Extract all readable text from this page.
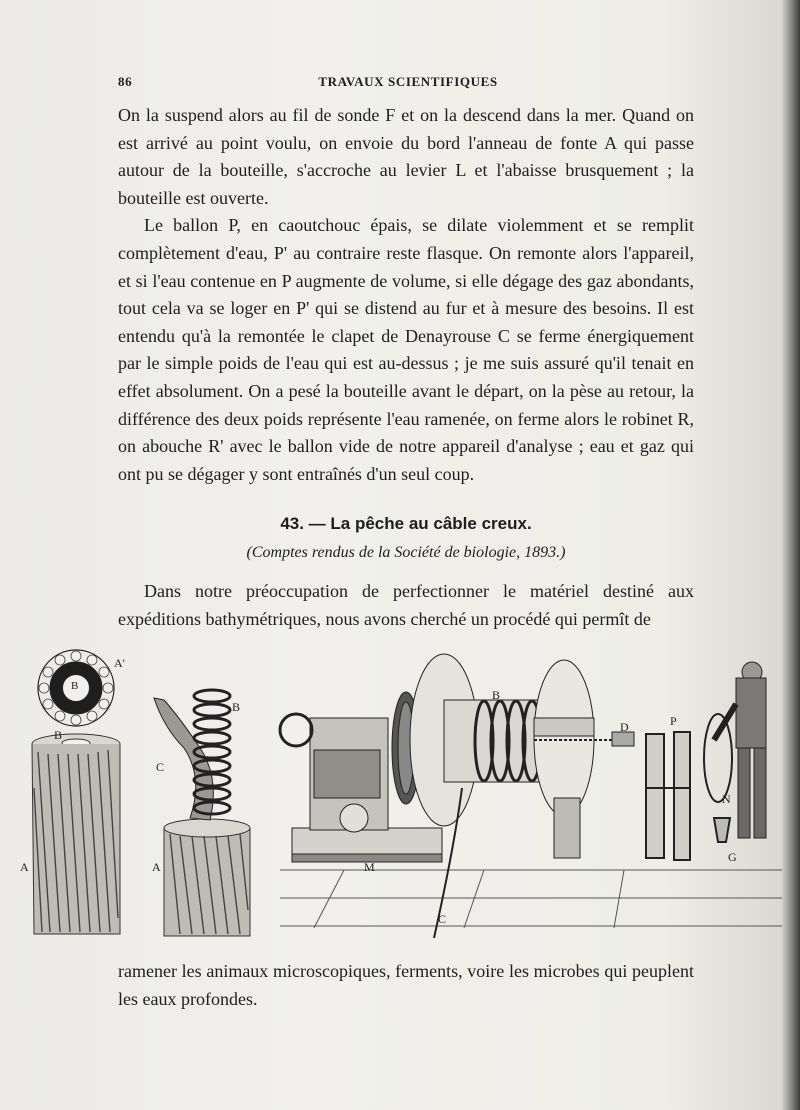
86	TRAVAUX SCIENTIFIQUES

On la suspend alors au fil de sonde F et on la descend dans la mer. Quand on est arrivé au point voulu, on envoie du bord l'anneau de fonte A qui passe autour de la bouteille, s'accroche au levier L et l'abaisse brusquement ; la bouteille est ouverte.

Le ballon P, en caoutchouc épais, se dilate violemment et se remplit complètement d'eau, P' au contraire reste flasque. On remonte alors l'appareil, et si l'eau contenue en P augmente de volume, si elle dégage des gaz abondants, tout cela va se loger en P' qui se distend au fur et à mesure des besoins. Il est entendu qu'à la remontée le clapet de Denayrouse C se ferme énergiquement par le simple poids de l'eau qui est au-dessus ; je me suis assuré qu'il tenait en effet absolument. On a pesé la bouteille avant le départ, on la pèse au retour, la différence des deux poids représente l'eau ramenée, on ferme alors le robinet R, on abouche R' avec le ballon vide de notre appareil d'analyse ; eau et gaz qui ont pu se dégager y sont entraînés d'un seul coup.

43. — La pêche au câble creux.
(Comptes rendus de la Société de biologie, 1893.)

Dans notre préoccupation de perfectionner le matériel destiné aux expéditions bathymétriques, nous avons cherché un procédé qui permît de

A'
B
B
A
C
B
A
B
D	P
M
C
N
G

ramener les animaux microscopiques, ferments, voire les microbes qui peuplent les eaux profondes.
